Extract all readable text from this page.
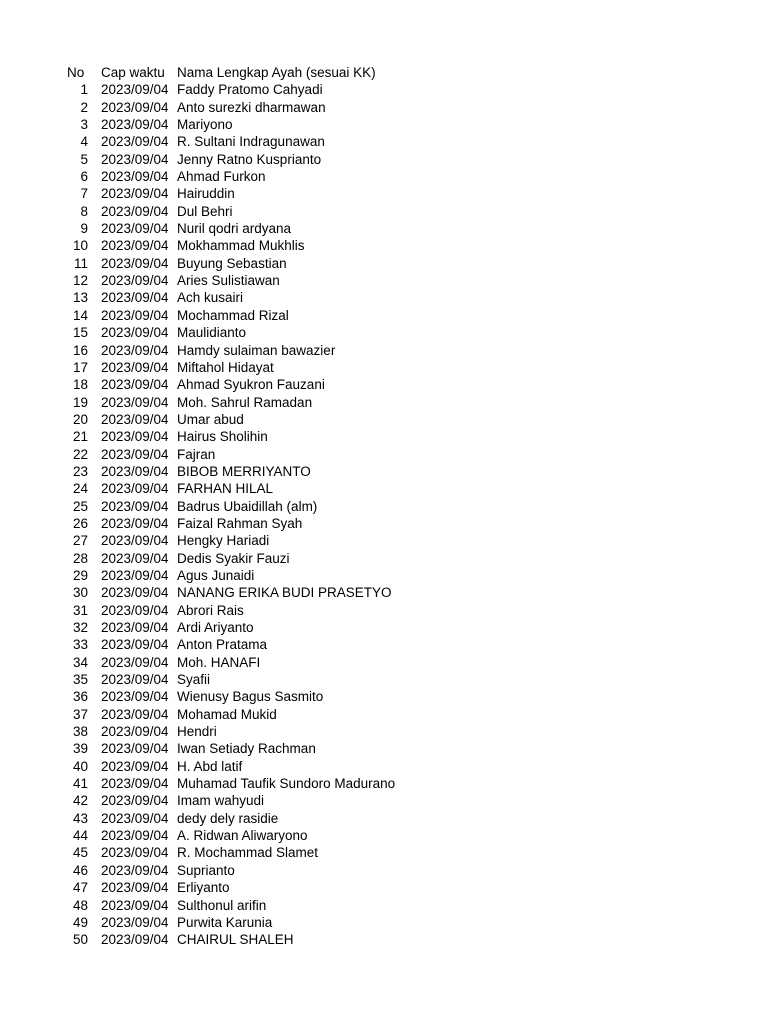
No Cap waktu Nama Lengkap Ayah (sesuai KK)
1 2023/09/04 Faddy Pratomo Cahyadi
2 2023/09/04 Anto surezki dharmawan
3 2023/09/04 Mariyono
4 2023/09/04 R. Sultani Indragunawan
5 2023/09/04 Jenny Ratno Kusprianto
6 2023/09/04 Ahmad Furkon
7 2023/09/04 Hairuddin
8 2023/09/04 Dul Behri
9 2023/09/04 Nuril qodri ardyana
10 2023/09/04 Mokhammad Mukhlis
11 2023/09/04 Buyung Sebastian
12 2023/09/04 Aries Sulistiawan
13 2023/09/04 Ach kusairi
14 2023/09/04 Mochammad Rizal
15 2023/09/04 Maulidianto
16 2023/09/04 Hamdy sulaiman bawazier
17 2023/09/04 Miftahol Hidayat
18 2023/09/04 Ahmad Syukron Fauzani
19 2023/09/04 Moh. Sahrul Ramadan
20 2023/09/04 Umar abud
21 2023/09/04 Hairus Sholihin
22 2023/09/04 Fajran
23 2023/09/04 BIBOB MERRIYANTO
24 2023/09/04 FARHAN HILAL
25 2023/09/04 Badrus Ubaidillah (alm)
26 2023/09/04 Faizal Rahman Syah
27 2023/09/04 Hengky Hariadi
28 2023/09/04 Dedis Syakir Fauzi
29 2023/09/04 Agus Junaidi
30 2023/09/04 NANANG ERIKA BUDI PRASETYO
31 2023/09/04 Abrori Rais
32 2023/09/04 Ardi Ariyanto
33 2023/09/04 Anton Pratama
34 2023/09/04 Moh. HANAFI
35 2023/09/04 Syafii
36 2023/09/04 Wienusy Bagus Sasmito
37 2023/09/04 Mohamad Mukid
38 2023/09/04 Hendri
39 2023/09/04 Iwan Setiady Rachman
40 2023/09/04 H. Abd latif
41 2023/09/04 Muhamad Taufik Sundoro Madurano
42 2023/09/04 Imam wahyudi
43 2023/09/04 dedy dely rasidie
44 2023/09/04 A. Ridwan Aliwaryono
45 2023/09/04 R. Mochammad Slamet
46 2023/09/04 Suprianto
47 2023/09/04 Erliyanto
48 2023/09/04 Sulthonul arifin
49 2023/09/04 Purwita Karunia
50 2023/09/04 CHAIRUL SHALEH
